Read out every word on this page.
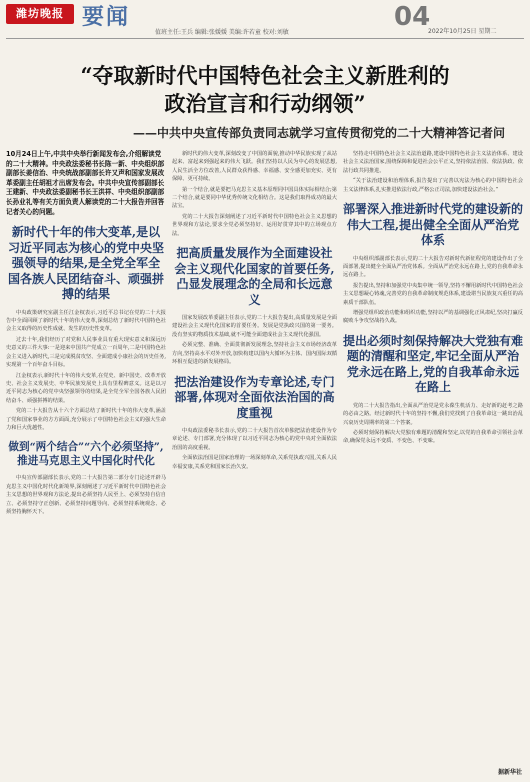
潍坊晚报 要闻
值班主任:王兵 编辑:张媛媛 美编:许若童 校对:刘敏
04
2022年10月25日 星期二
“夺取新时代中国特色社会主义新胜利的
政治宣言和行动纲领”
——中共中央宣传部负责同志就学习宣传贯彻党的二十大精神答记者问

10月24日上午,中共中央举行新闻发布会,介绍解读党的二十大精神。中央政法委秘书长陈一新、中央组织部副部长姜信治、中央统战部副部长许又声和国家发展改革委副主任胡祖才出席发布会。中共中央宣传部副部长王建新、中央政法委副秘书长王洪祥、中央组织部副部长孙业礼等有关方面负责人解读党的二十大报告并回答记者关心的问题。

新时代十年的伟大变革,是以习近平同志为核心的党中央坚强领导的结果,是全党全军全国各族人民团结奋斗、顽强拼搏的结果

中央政策研究室副主任江金权表示,习近平总书记在党的二十大报告中全面回顾了新时代十年的伟大变革,深刻总结了新时代中国特色社会主义取得的历史性成就、发生的历史性变革。

过去十年,我们经历了对党和人民事业具有重大现实意义和深远历史意义的三件大事:一是迎来中国共产党成立一百周年,二是中国特色社会主义进入新时代,三是完成脱贫攻坚、全面建成小康社会的历史任务,实现第一个百年奋斗目标。

江金权表示,新时代十年的伟大变革,在党史、新中国史、改革开放史、社会主义发展史、中华民族发展史上具有里程碑意义。这是以习近平同志为核心的党中央坚强领导的结果,是全党全军全国各族人民团结奋斗、顽强拼搏的结果。

党的二十大报告从十六个方面总结了新时代十年的伟大变革,涵盖了党和国家事业的方方面面,充分展示了中国特色社会主义的强大生命力和巨大优越性。

做到“两个结合”“六个必须坚持”,推进马克思主义中国化时代化

中央宣传部副部长表示,党的二十大报告第二部分专门论述开辟马克思主义中国化时代化新境界,深刻阐述了习近平新时代中国特色社会主义思想的世界观和方法论,提出必须坚持人民至上、必须坚持自信自立、必须坚持守正创新、必须坚持问题导向、必须坚持系统观念、必须坚持胸怀天下。

新时代的伟大变革,深刻改变了中国的面貌,推动中华民族实现了从站起来、富起来到强起来的伟大飞跃。我们坚持以人民为中心的发展思想,人民生活全方位改善,人民群众获得感、幸福感、安全感更加充实、更有保障、更可持续。

第一个结合,就是要把马克思主义基本原理同中国具体实际相结合;第二个结合,就是要同中华优秀传统文化相结合。这是我们取得成功的最大法宝。

党的二十大报告深刻阐述了习近平新时代中国特色社会主义思想的世界观和方法论,要求全党必须坚持好、运用好贯穿其中的立场观点方法。

把高质量发展作为全面建设社会主义现代化国家的首要任务,凸显发展理念的全局和长远意义

国家发展改革委副主任表示,党的二十大报告提出,高质量发展是全面建设社会主义现代化国家的首要任务。发展是党执政兴国的第一要务。没有坚实的物质技术基础,就不可能全面建成社会主义现代化强国。

必须完整、准确、全面贯彻新发展理念,坚持社会主义市场经济改革方向,坚持高水平对外开放,加快构建以国内大循环为主体、国内国际双循环相互促进的新发展格局。

把法治建设作为专章论述,专门部署,体现对全面依法治国的高度重视

中央政法委秘书长表示,党的二十大报告首次单独把法治建设作为专章论述、专门部署,充分体现了以习近平同志为核心的党中央对全面依法治国的高度重视。

全面依法治国是国家治理的一场深刻革命,关系党执政兴国,关系人民幸福安康,关系党和国家长治久安。

坚持走中国特色社会主义法治道路,建设中国特色社会主义法治体系、建设社会主义法治国家,围绕保障和促进社会公平正义,坚持依法治国、依法执政、依法行政共同推进。

“关于法治建设和治理体系,报告提出了完善以宪法为核心的中国特色社会主义法律体系,扎实推进依法行政,严格公正司法,加快建设法治社会。”

部署深入推进新时代党的建设新的伟大工程,提出健全全面从严治党体系

中央组织部副部长表示,党的二十大报告对新时代新征程党的建设作出了全面部署,提出健全全面从严治党体系。全面从严治党永远在路上,党的自我革命永远在路上。

报告提出,坚持和加强党中央集中统一领导,坚持不懈用新时代中国特色社会主义思想凝心铸魂,完善党的自我革命制度规范体系,建设堪当民族复兴重任的高素质干部队伍。

增强党组织政治功能和组织功能,坚持以严的基调强化正风肃纪,坚决打赢反腐败斗争攻坚战持久战。

提出必须时刻保持解决大党独有难题的清醒和坚定,牢记全面从严治党永远在路上,党的自我革命永远在路上

党的二十大报告指出,全面从严治党是党永葆生机活力、走好新的赶考之路的必由之路。经过新时代十年的坚持不懈,我们党找到了自我革命这一跳出治乱兴衰历史周期率的第二个答案。

必须时刻保持解决大党独有难题的清醒和坚定,以党的自我革命引领社会革命,确保党永远不变质、不变色、不变味。

据新华社
